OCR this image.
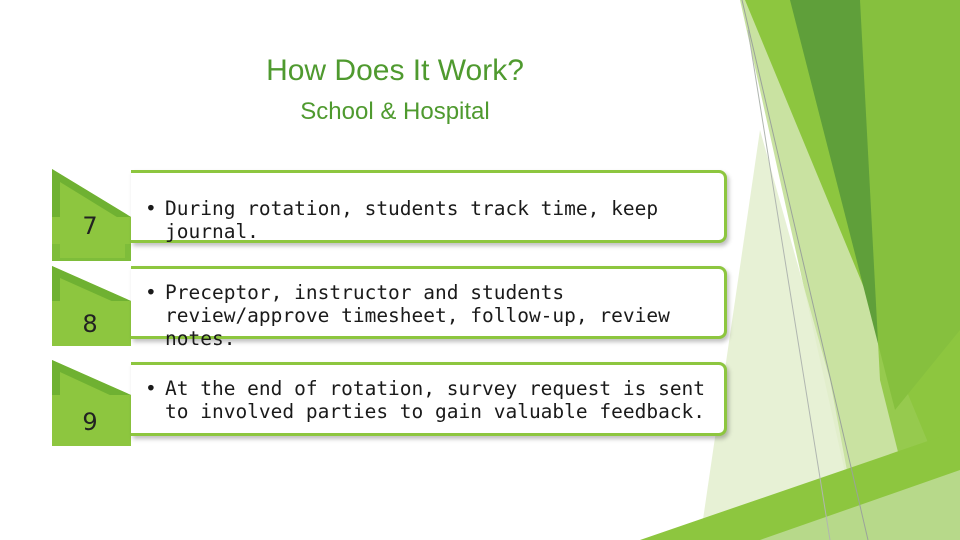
How Does It Work?
School & Hospital
7
8
9
• During rotation, students track time, keep journal.
• Preceptor, instructor and students review/approve timesheet, follow-up, review notes.
• At the end of rotation, survey request is sent to involved parties to gain valuable feedback.
